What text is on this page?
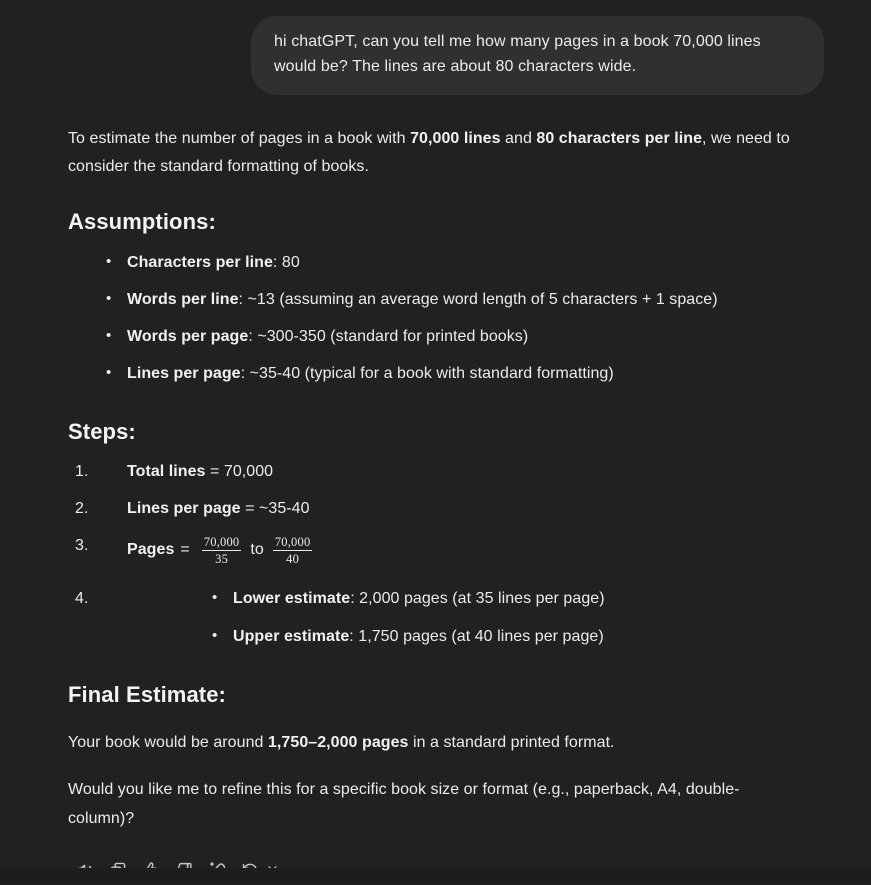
hi chatGPT, can you tell me how many pages in a book 70,000 lines would be? The lines are about 80 characters wide.

To estimate the number of pages in a book with 70,000 lines and 80 characters per line, we need to consider the standard formatting of books.

Assumptions:
• Characters per line: 80
• Words per line: ~13 (assuming an average word length of 5 characters + 1 space)
• Words per page: ~300-350 (standard for printed books)
• Lines per page: ~35-40 (typical for a book with standard formatting)
Steps:
Total lines = 70,000
Lines per page = ~35-40
Pages = $\frac{70,000}{35}$ to $\frac{70,000}{40}$
• Lower estimate: 2,000 pages (at 35 lines per page)
• Upper estimate: 1,750 pages (at 40 lines per page)
Final Estimate:

Your book would be around 1,750–2,000 pages in a standard printed format.

Would you like me to refine this for a specific book size or format (e.g., paperback, A4, double-column)?
